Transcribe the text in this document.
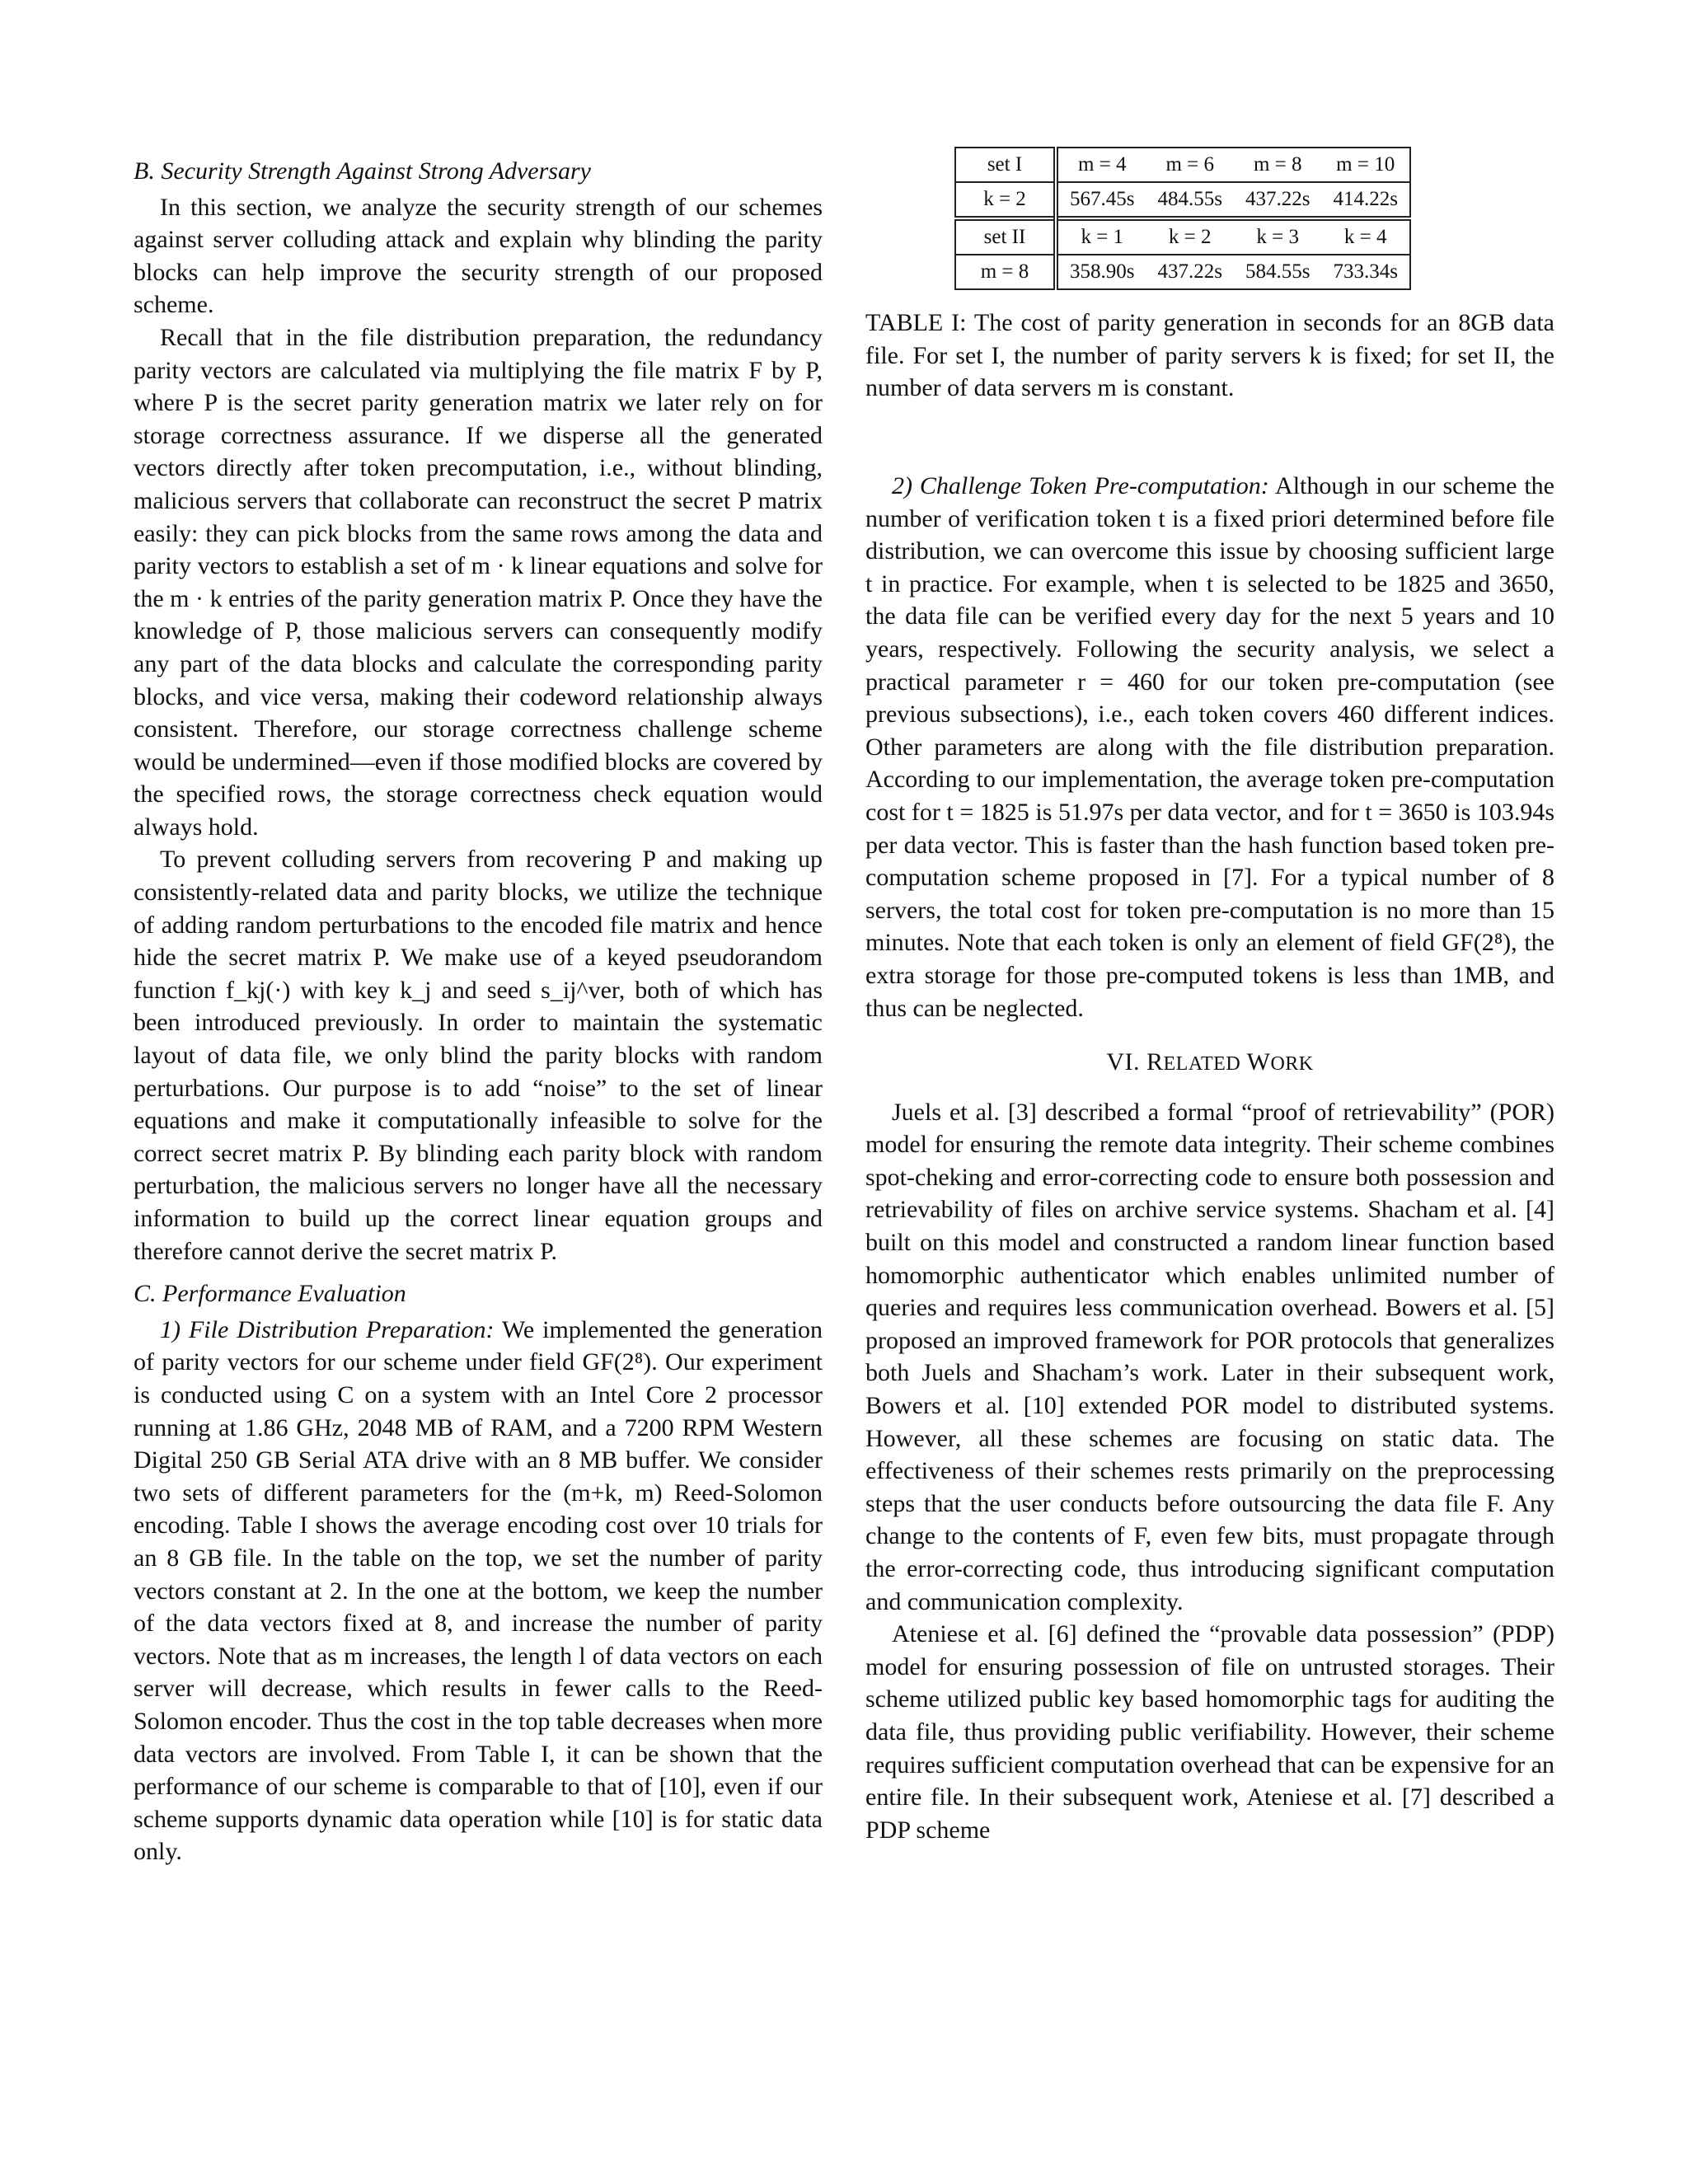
B. Security Strength Against Strong Adversary

In this section, we analyze the security strength of our schemes against server colluding attack and explain why blinding the parity blocks can help improve the security strength of our proposed scheme.

Recall that in the file distribution preparation, the redundancy parity vectors are calculated via multiplying the file matrix F by P, where P is the secret parity generation matrix we later rely on for storage correctness assurance. If we disperse all the generated vectors directly after token precomputation, i.e., without blinding, malicious servers that collaborate can reconstruct the secret P matrix easily: they can pick blocks from the same rows among the data and parity vectors to establish a set of m · k linear equations and solve for the m · k entries of the parity generation matrix P. Once they have the knowledge of P, those malicious servers can consequently modify any part of the data blocks and calculate the corresponding parity blocks, and vice versa, making their codeword relationship always consistent. Therefore, our storage correctness challenge scheme would be undermined—even if those modified blocks are covered by the specified rows, the storage correctness check equation would always hold.

To prevent colluding servers from recovering P and making up consistently-related data and parity blocks, we utilize the technique of adding random perturbations to the encoded file matrix and hence hide the secret matrix P. We make use of a keyed pseudorandom function f_kj(·) with key k_j and seed s_ij^ver, both of which has been introduced previously. In order to maintain the systematic layout of data file, we only blind the parity blocks with random perturbations. Our purpose is to add “noise” to the set of linear equations and make it computationally infeasible to solve for the correct secret matrix P. By blinding each parity block with random perturbation, the malicious servers no longer have all the necessary information to build up the correct linear equation groups and therefore cannot derive the secret matrix P.

C. Performance Evaluation

1) File Distribution Preparation: We implemented the generation of parity vectors for our scheme under field GF(2⁸). Our experiment is conducted using C on a system with an Intel Core 2 processor running at 1.86 GHz, 2048 MB of RAM, and a 7200 RPM Western Digital 250 GB Serial ATA drive with an 8 MB buffer. We consider two sets of different parameters for the (m+k, m) Reed-Solomon encoding. Table I shows the average encoding cost over 10 trials for an 8 GB file. In the table on the top, we set the number of parity vectors constant at 2. In the one at the bottom, we keep the number of the data vectors fixed at 8, and increase the number of parity vectors. Note that as m increases, the length l of data vectors on each server will decrease, which results in fewer calls to the Reed-Solomon encoder. Thus the cost in the top table decreases when more data vectors are involved. From Table I, it can be shown that the performance of our scheme is comparable to that of [10], even if our scheme supports dynamic data operation while [10] is for static data only.

set I	m = 4	m = 6	m = 8	m = 10
k = 2	567.45s	484.55s	437.22s	414.22s
set II	k = 1	k = 2	k = 3	k = 4
m = 8	358.90s	437.22s	584.55s	733.34s
TABLE I: The cost of parity generation in seconds for an 8GB data file. For set I, the number of parity servers k is fixed; for set II, the number of data servers m is constant.

2) Challenge Token Pre-computation: Although in our scheme the number of verification token t is a fixed priori determined before file distribution, we can overcome this issue by choosing sufficient large t in practice. For example, when t is selected to be 1825 and 3650, the data file can be verified every day for the next 5 years and 10 years, respectively. Following the security analysis, we select a practical parameter r = 460 for our token pre-computation (see previous subsections), i.e., each token covers 460 different indices. Other parameters are along with the file distribution preparation. According to our implementation, the average token pre-computation cost for t = 1825 is 51.97s per data vector, and for t = 3650 is 103.94s per data vector. This is faster than the hash function based token pre-computation scheme proposed in [7]. For a typical number of 8 servers, the total cost for token pre-computation is no more than 15 minutes. Note that each token is only an element of field GF(2⁸), the extra storage for those pre-computed tokens is less than 1MB, and thus can be neglected.

VI. RELATED WORK

Juels et al. [3] described a formal “proof of retrievability” (POR) model for ensuring the remote data integrity. Their scheme combines spot-cheking and error-correcting code to ensure both possession and retrievability of files on archive service systems. Shacham et al. [4] built on this model and constructed a random linear function based homomorphic authenticator which enables unlimited number of queries and requires less communication overhead. Bowers et al. [5] proposed an improved framework for POR protocols that generalizes both Juels and Shacham’s work. Later in their subsequent work, Bowers et al. [10] extended POR model to distributed systems. However, all these schemes are focusing on static data. The effectiveness of their schemes rests primarily on the preprocessing steps that the user conducts before outsourcing the data file F. Any change to the contents of F, even few bits, must propagate through the error-correcting code, thus introducing significant computation and communication complexity.

Ateniese et al. [6] defined the “provable data possession” (PDP) model for ensuring possession of file on untrusted storages. Their scheme utilized public key based homomorphic tags for auditing the data file, thus providing public verifiability. However, their scheme requires sufficient computation overhead that can be expensive for an entire file. In their subsequent work, Ateniese et al. [7] described a PDP scheme
